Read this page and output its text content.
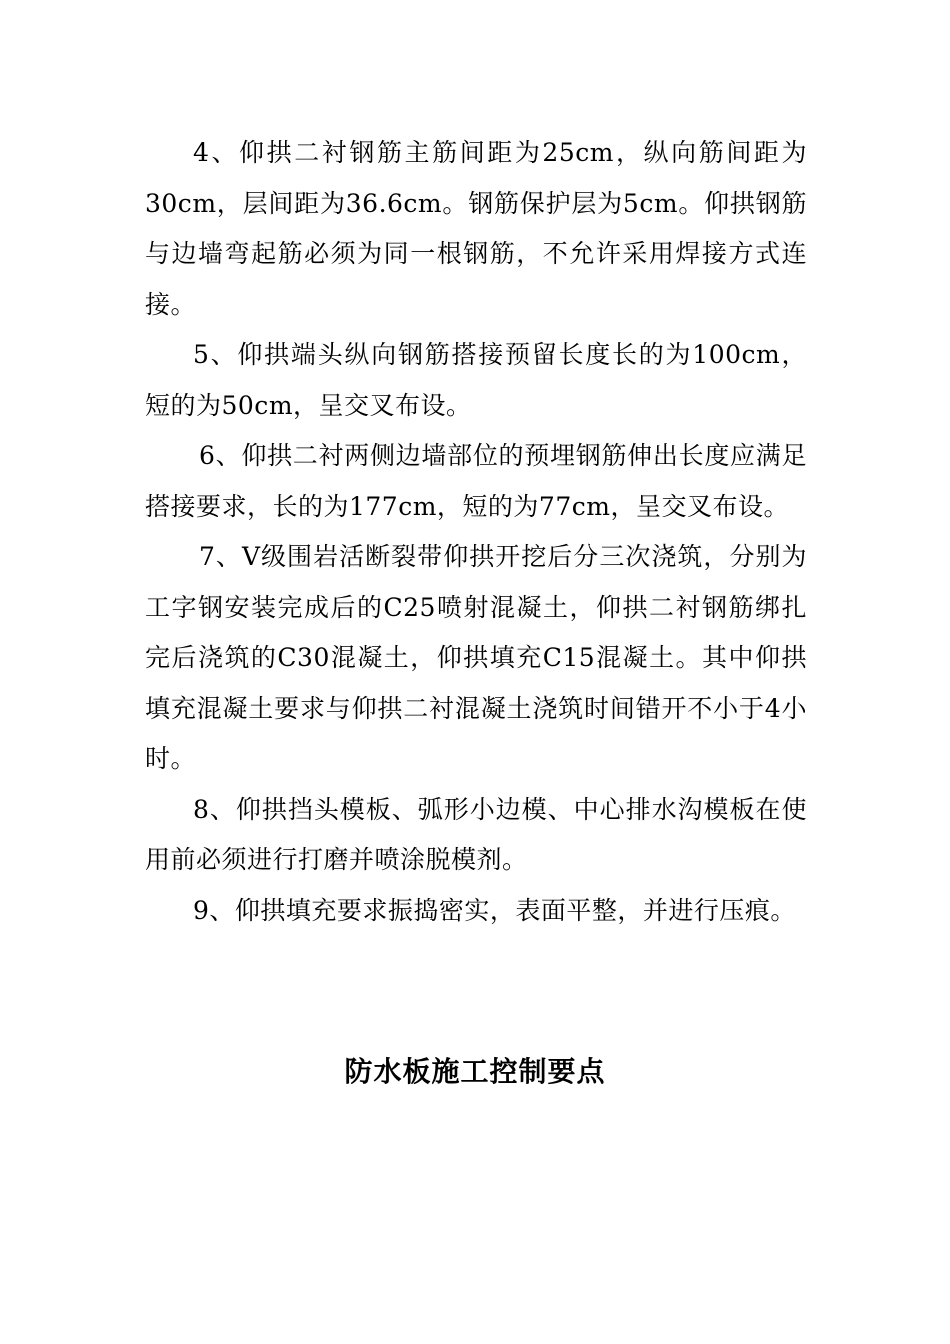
4、仰拱二衬钢筋主筋间距为25cm，纵向筋间距为30cm，层间距为36.6cm。钢筋保护层为5cm。仰拱钢筋与边墙弯起筋必须为同一根钢筋，不允许采用焊接方式连接。

5、仰拱端头纵向钢筋搭接预留长度长的为100cm，短的为50cm，呈交叉布设。

6、仰拱二衬两侧边墙部位的预埋钢筋伸出长度应满足搭接要求，长的为177cm，短的为77cm，呈交叉布设。

7、V级围岩活断裂带仰拱开挖后分三次浇筑，分别为工字钢安装完成后的C25喷射混凝土，仰拱二衬钢筋绑扎完后浇筑的C30混凝土，仰拱填充C15混凝土。其中仰拱填充混凝土要求与仰拱二衬混凝土浇筑时间错开不小于4小时。

8、仰拱挡头模板、弧形小边模、中心排水沟模板在使用前必须进行打磨并喷涂脱模剂。

9、仰拱填充要求振捣密实，表面平整，并进行压痕。

防水板施工控制要点
